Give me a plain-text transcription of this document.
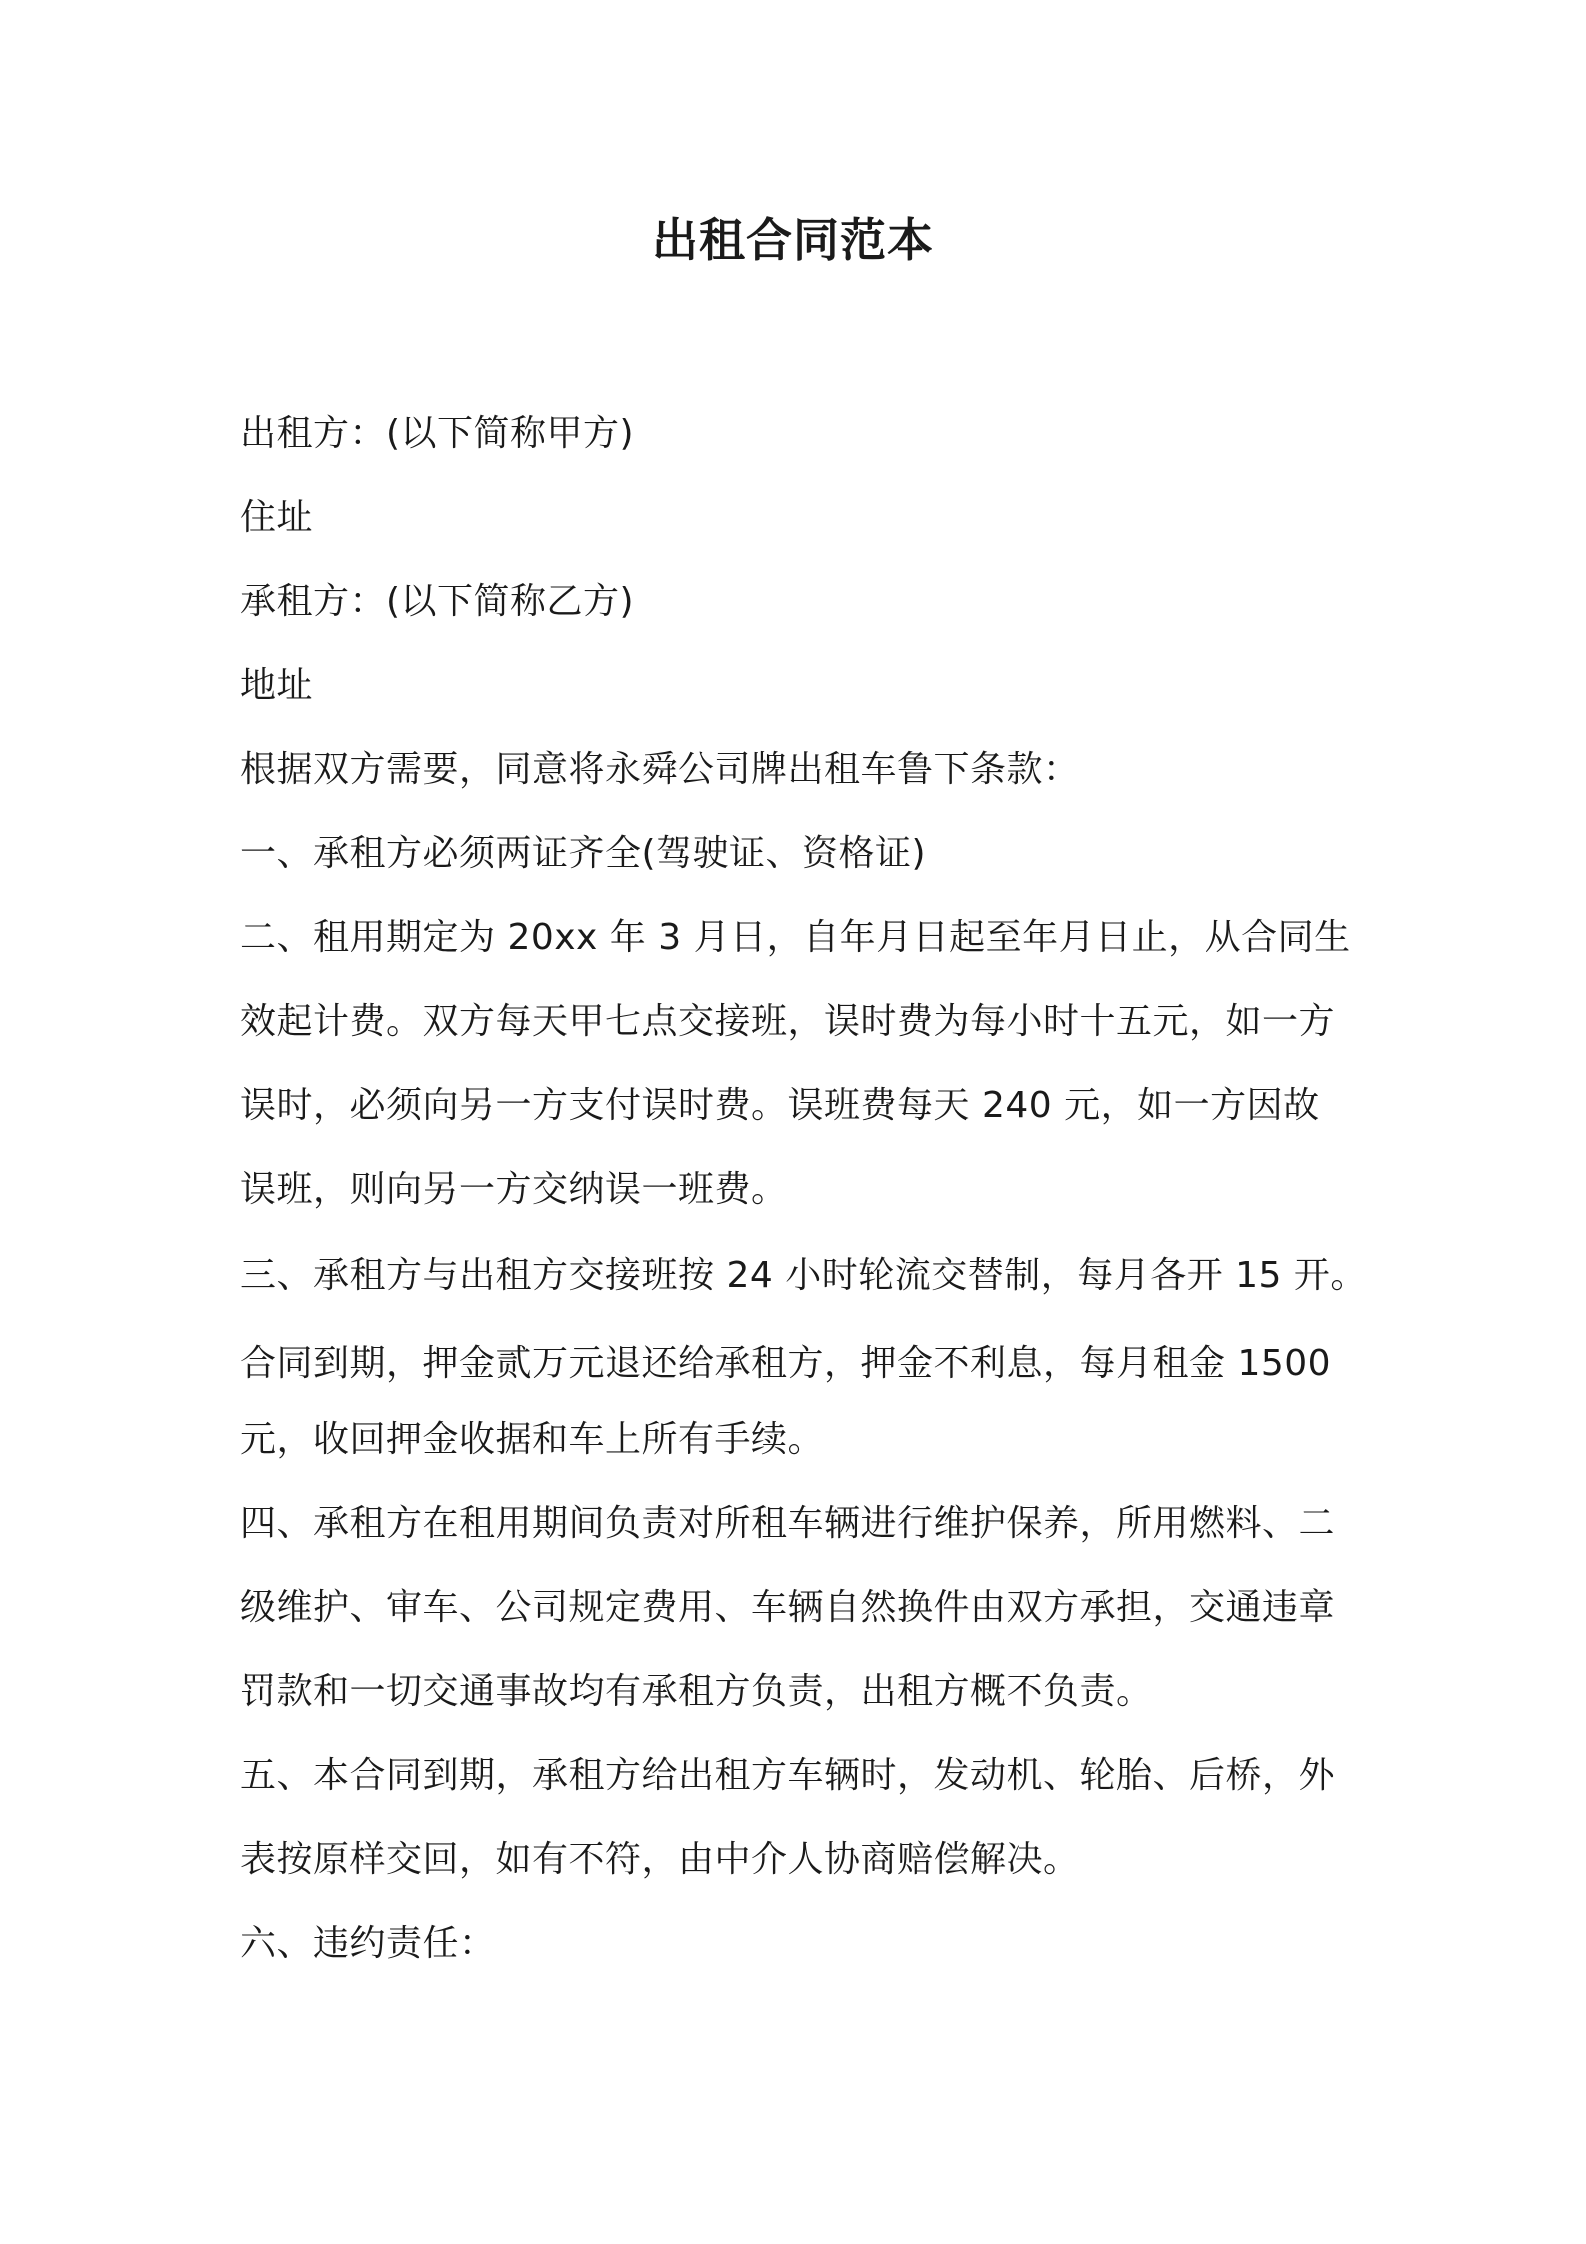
出租合同范本
出租方：(以下简称甲方)
住址
承租方：(以下简称乙方)
地址
根据双方需要，同意将永舜公司牌出租车鲁下条款：
一、承租方必须两证齐全(驾驶证、资格证)
二、租用期定为 20xx 年 3 月日，自年月日起至年月日止，从合同生
效起计费。双方每天甲七点交接班，误时费为每小时十五元，如一方
误时，必须向另一方支付误时费。误班费每天 240 元，如一方因故
误班，则向另一方交纳误一班费。
三、承租方与出租方交接班按 24 小时轮流交替制，每月各开 15 开。
合同到期，押金贰万元退还给承租方，押金不利息，每月租金 1500
元，收回押金收据和车上所有手续。
四、承租方在租用期间负责对所租车辆进行维护保养，所用燃料、二
级维护、审车、公司规定费用、车辆自然换件由双方承担，交通违章
罚款和一切交通事故均有承租方负责，出租方概不负责。
五、本合同到期，承租方给出租方车辆时，发动机、轮胎、后桥，外
表按原样交回，如有不符，由中介人协商赔偿解决。
六、违约责任：
